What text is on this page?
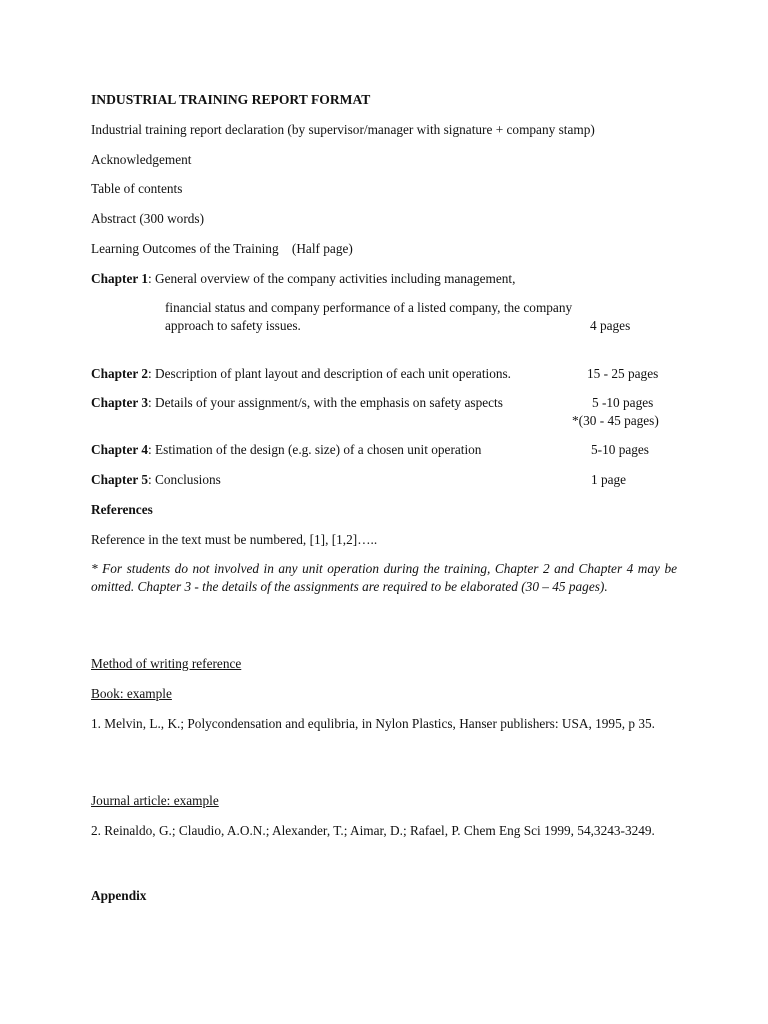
INDUSTRIAL TRAINING REPORT FORMAT
Industrial training report declaration (by supervisor/manager with signature + company stamp)
Acknowledgement
Table of contents
Abstract (300 words)
Learning Outcomes of the Training    (Half page)
Chapter 1: General overview of the company activities including management,
financial status and company performance of a listed company, the company
approach to safety issues.	4 pages
Chapter 2: Description of plant layout and description of each unit operations.	15 - 25 pages
Chapter 3: Details of your assignment/s, with the emphasis on safety aspects	5 -10 pages
*(30 - 45 pages)
Chapter 4: Estimation of the design (e.g. size) of a chosen unit operation	5-10 pages
Chapter 5: Conclusions	1 page
References
Reference in the text must be numbered, [1], [1,2]…..
* For students do not involved in any unit operation during the training, Chapter 2 and Chapter 4 may be omitted. Chapter 3 - the details of the assignments are required to be elaborated (30 – 45 pages).
Method of writing reference
Book: example
1. Melvin, L., K.; Polycondensation and equlibria, in Nylon Plastics, Hanser publishers: USA, 1995, p 35.
Journal article: example
2. Reinaldo, G.; Claudio, A.O.N.; Alexander, T.; Aimar, D.; Rafael, P. Chem Eng Sci 1999, 54,3243-3249.
Appendix
